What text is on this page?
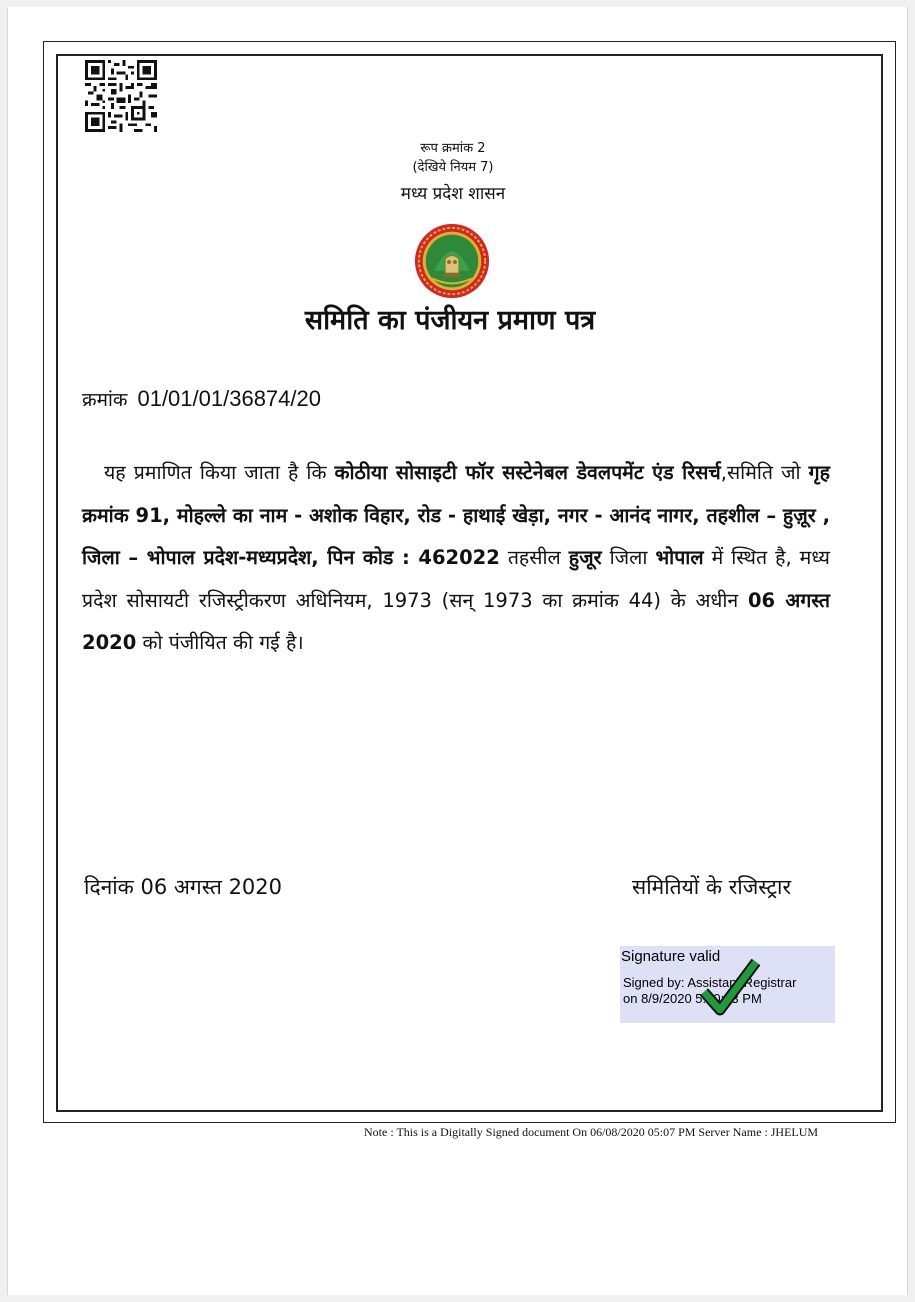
रूप क्रमांक 2
(देखिये नियम 7)
मध्य प्रदेश शासन
समिति का पंजीयन प्रमाण पत्र
क्रमांक 01/01/01/36874/20
यह प्रमाणित किया जाता है कि कोठीया सोसाइटी फॉर सस्टेनेबल डेवलपमेंट एंड रिसर्च,समिति जो गृह क्रमांक 91, मोहल्ले का नाम - अशोक विहार, रोड - हाथाई खेड़ा, नगर - आनंद नागर, तहशील – हुज़ूर , जिला – भोपाल प्रदेश-मध्यप्रदेश, पिन कोड : 462022 तहसील हुजूर जिला भोपाल में स्थित है, मध्य प्रदेश सोसायटी रजिस्ट्रीकरण अधिनियम, 1973 (सन् 1973 का क्रमांक 44) के अधीन 06 अगस्त 2020 को पंजीयित की गई है।
दिनांक 06 अगस्त 2020	समितियों के रजिस्ट्रार
Signature valid
Signed by: Assistant Registrar
on 8/9/2020 5:50:23 PM
Note : This is a Digitally Signed document On 06/08/2020 05:07 PM Server Name : JHELUM
